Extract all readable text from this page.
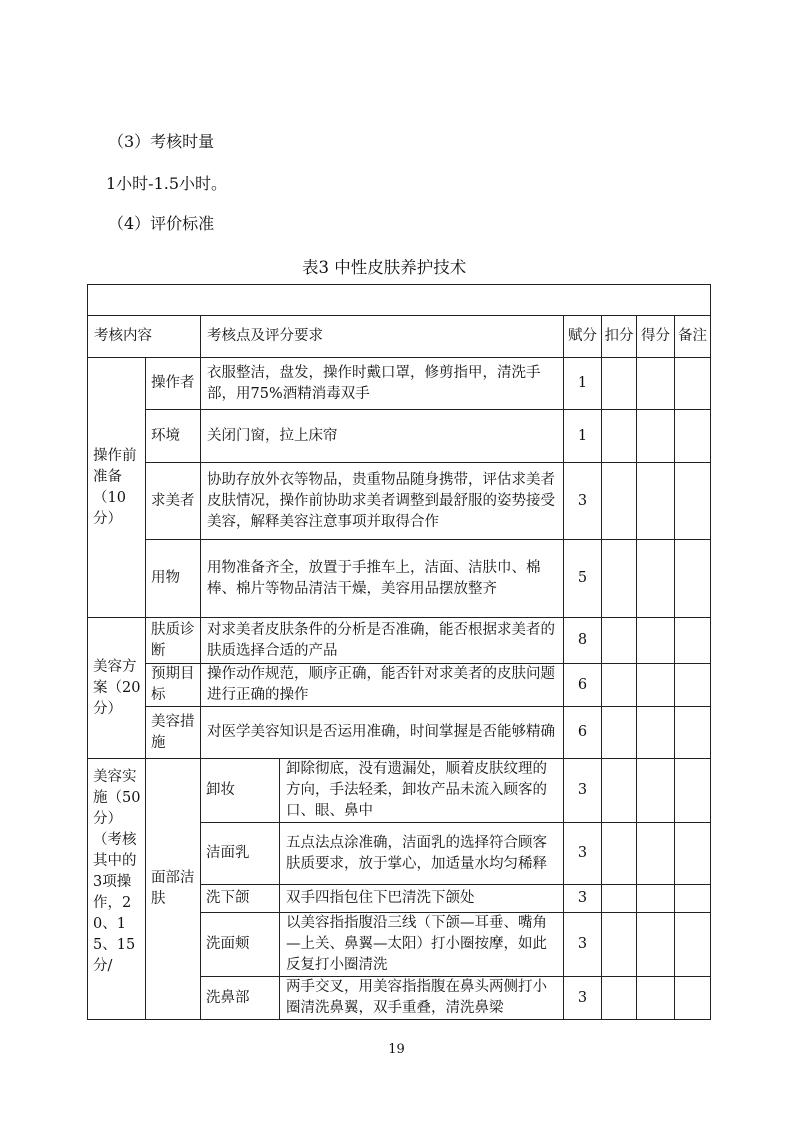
（3）考核时量
1小时-1.5小时。
（4）评价标准
表3 中性皮肤养护技术

考核内容		考核点及评分要求		赋分	扣分	得分	备注
操作前准备（10分）	操作者	衣服整洁，盘发，操作时戴口罩，修剪指甲，清洗手部，用75%酒精消毒双手		1			
	环境	关闭门窗，拉上床帘		1			
	求美者	协助存放外衣等物品，贵重物品随身携带，评估求美者皮肤情况，操作前协助求美者调整到最舒服的姿势接受美容，解释美容注意事项并取得合作		3			
	用物	用物准备齐全，放置于手推车上，洁面、洁肤巾、棉棒、棉片等物品清洁干燥，美容用品摆放整齐		5			
美容方案（20分）	肤质诊断	对求美者皮肤条件的分析是否准确，能否根据求美者的肤质选择合适的产品		8			
	预期目标	操作动作规范，顺序正确，能否针对求美者的皮肤问题进行正确的操作		6			
	美容措施	对医学美容知识是否运用准确，时间掌握是否能够精确		6			
美容实施（50分）（考核其中的3项操作，20、15、15分/	面部洁肤	卸妆	卸除彻底，没有遗漏处，顺着皮肤纹理的方向，手法轻柔，卸妆产品未流入顾客的口、眼、鼻中	3			
		洁面乳	五点法点涂准确，洁面乳的选择符合顾客肤质要求，放于掌心，加适量水均匀稀释	3			
		洗下颌	双手四指包住下巴清洗下颌处	3			
		洗面颊	以美容指指腹沿三线（下颌—耳垂、嘴角—上关、鼻翼—太阳）打小圈按摩，如此反复打小圈清洗	3			
		洗鼻部	两手交叉，用美容指指腹在鼻头两侧打小圈清洗鼻翼，双手重叠，清洗鼻梁	3			
19
